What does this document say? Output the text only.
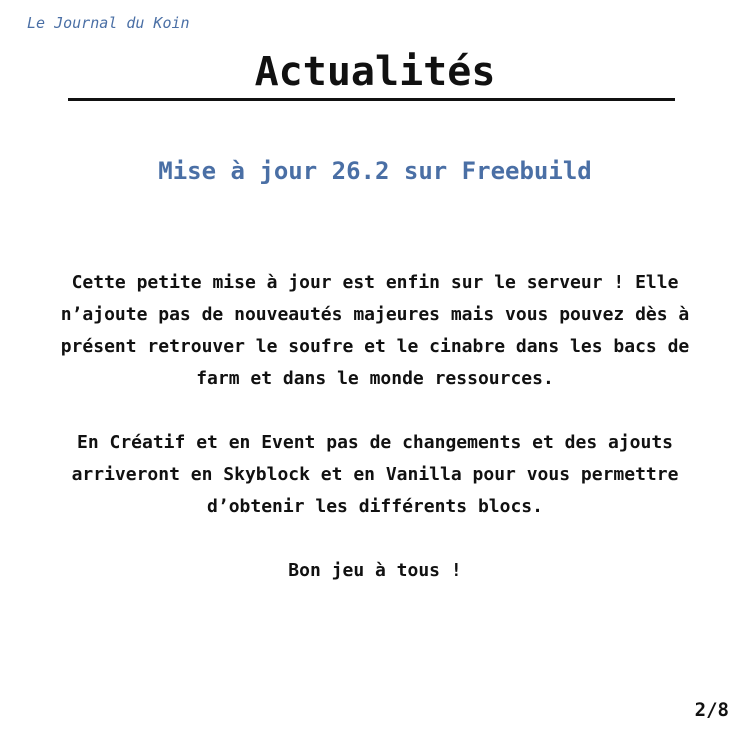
Le Journal du Koin
Actualités
Mise à jour 26.2 sur Freebuild

Cette petite mise à jour est enfin sur le serveur ! Elle n’ajoute pas de nouveautés majeures mais vous pouvez dès à présent retrouver le soufre et le cinabre dans les bacs de farm et dans le monde ressources.

En Créatif et en Event pas de changements et des ajouts arriveront en Skyblock et en Vanilla pour vous permettre d’obtenir les différents blocs.

Bon jeu à tous !

2/8
